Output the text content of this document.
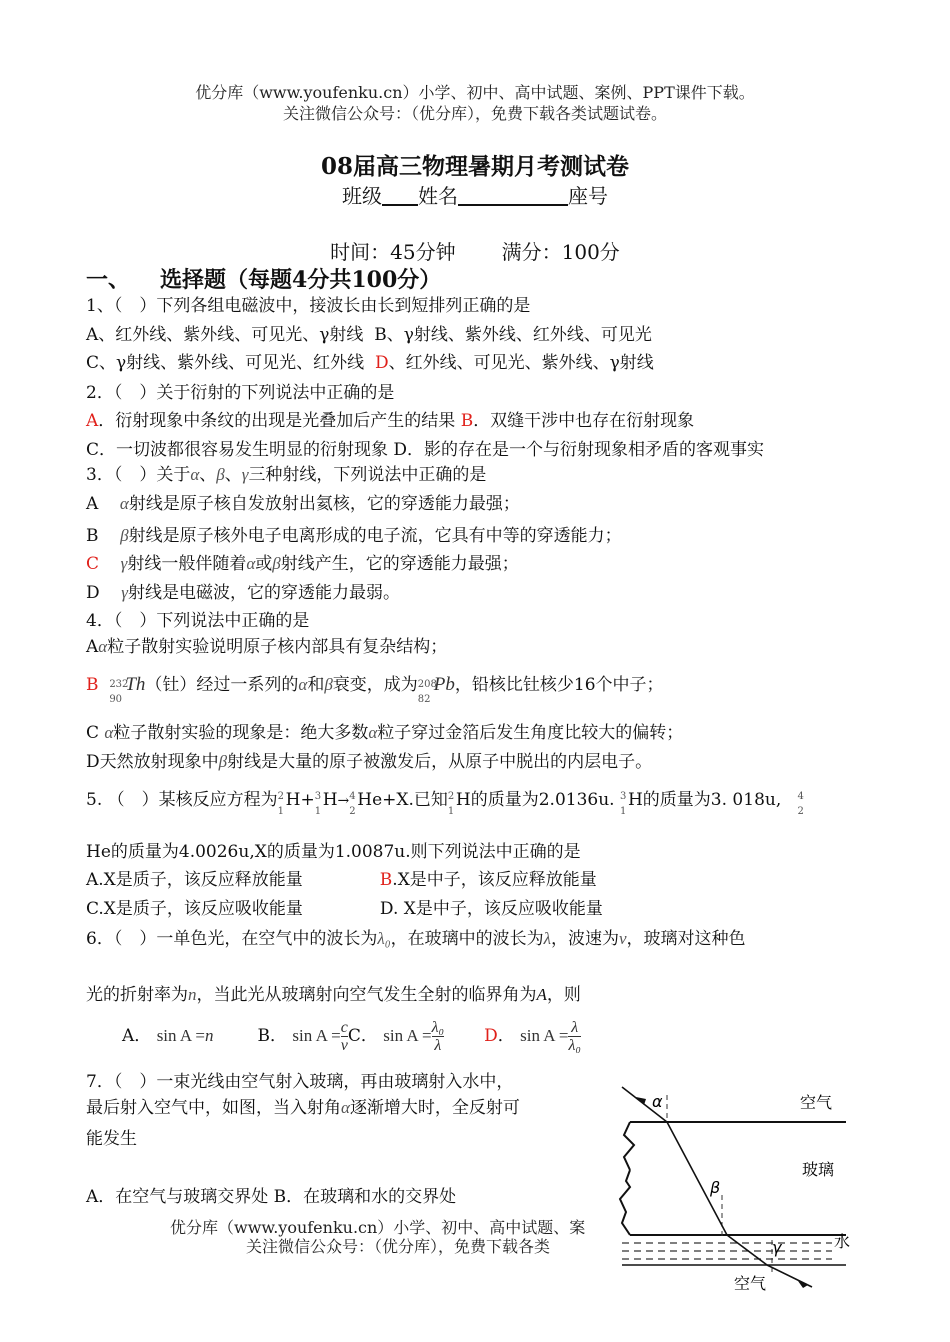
优分库（www.youfenku.cn）小学、初中、高中试题、案例、PPT课件下载。
关注微信公众号：（优分库），免费下载各类试题试卷。
08届高三物理暑期月考测试卷
班级 姓名	座号
时间：45分钟 满分：100分
一、 选择题（每题4分共100分）
1、（　）下列各组电磁波中，接波长由长到短排列正确的是
A、红外线、紫外线、可见光、γ射线 B、γ射线、紫外线、红外线、可见光
C、γ射线、紫外线、可见光、红外线 D、红外线、可见光、紫外线、γ射线
2．（　）关于衍射的下列说法中正确的是
A．衍射现象中条纹的出现是光叠加后产生的结果 B．双缝干涉中也存在衍射现象
C．一切波都很容易发生明显的衍射现象 D．影的存在是一个与衍射现象相矛盾的客观事实
3．（　）关于α、β、γ三种射线，下列说法中正确的是
A α射线是原子核自发放射出氦核，它的穿透能力最强；
B β射线是原子核外电子电离形成的电子流，它具有中等的穿透能力；
C γ射线一般伴随着α或β射线产生，它的穿透能力最强；
D γ射线是电磁波，它的穿透能力最弱。
4．（　）下列说法中正确的是
Aα粒子散射实验说明原子核内部具有复杂结构；
B 232
90
Th（钍）经过一系列的α和β衰变，成为 208
82
Pb，铅核比钍核少16个中子；
C α粒子散射实验的现象是：绝大多数α粒子穿过金箔后发生角度比较大的偏转；
D天然放射现象中β射线是大量的原子被激发后，从原子中脱出的内层电子。
5. （　）某核反应方程为 2
1
H+ 3
1
H→ 4
2
He+X.已知 2
1
H的质量为2.0136u. 3
1
H的质量为3. 018u, 4
2
He的质量为4.0026u,X的质量为1.0087u.则下列说法中正确的是
A.X是质子，该反应释放能量	B.X是中子，该反应释放能量
C.X是质子，该反应吸收能量	D. X是中子，该反应吸收能量
6．（　）一单色光，在空气中的波长为λ₀，在玻璃中的波长为λ，波速为v，玻璃对这种色
光的折射率为n，当此光从玻璃射向空气发生全射的临界角为A，则
A． sin A =n	B． $\sin A = \frac{c}{v}$ C． $\sin A = \frac{\text{λ₀}}{\lambda}$ D． $\sin A = \frac{\lambda}{\text{λ₀}}$
7．（　）一束光线由空气射入玻璃，再由玻璃射入水中，
最后射入空气中，如图，当入射角α逐渐增大时，全反射可
能发生
A．在空气与玻璃交界处 B．在玻璃和水的交界处
优分库（www.youfenku.cn）小学、初中、高中试题、案
关注微信公众号：（优分库），免费下载各类
α
β
γ
空气
玻璃
水
空气
